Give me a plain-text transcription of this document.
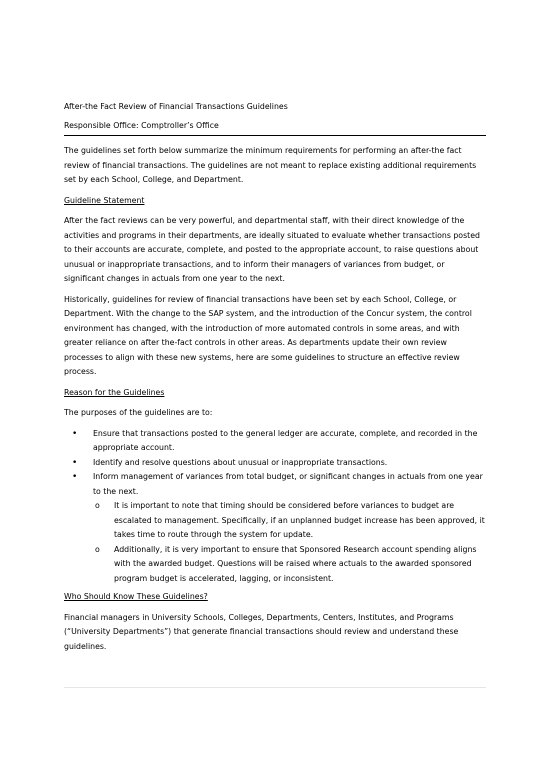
After-the Fact Review of Financial Transactions Guidelines

Responsible Office: Comptroller’s Office

The guidelines set forth below summarize the minimum requirements for performing an after-the fact review of financial transactions. The guidelines are not meant to replace existing additional requirements set by each School, College, and Department.

Guideline Statement

After the fact reviews can be very powerful, and departmental staff, with their direct knowledge of the activities and programs in their departments, are ideally situated to evaluate whether transactions posted to their accounts are accurate, complete, and posted to the appropriate account, to raise questions about unusual or inappropriate transactions, and to inform their managers of variances from budget, or significant changes in actuals from one year to the next.

Historically, guidelines for review of financial transactions have been set by each School, College, or Department. With the change to the SAP system, and the introduction of the Concur system, the control environment has changed, with the introduction of more automated controls in some areas, and with greater reliance on after the-fact controls in other areas. As departments update their own review processes to align with these new systems, here are some guidelines to structure an effective review process.

Reason for the Guidelines

The purposes of the guidelines are to:

• Ensure that transactions posted to the general ledger are accurate, complete, and recorded in the appropriate account.
• Identify and resolve questions about unusual or inappropriate transactions.
• Inform management of variances from total budget, or significant changes in actuals from one year to the next.
o It is important to note that timing should be considered before variances to budget are escalated to management. Specifically, if an unplanned budget increase has been approved, it takes time to route through the system for update.
o Additionally, it is very important to ensure that Sponsored Research account spending aligns with the awarded budget. Questions will be raised where actuals to the awarded sponsored program budget is accelerated, lagging, or inconsistent.

Who Should Know These Guidelines?

Financial managers in University Schools, Colleges, Departments, Centers, Institutes, and Programs (“University Departments”) that generate financial transactions should review and understand these guidelines.
